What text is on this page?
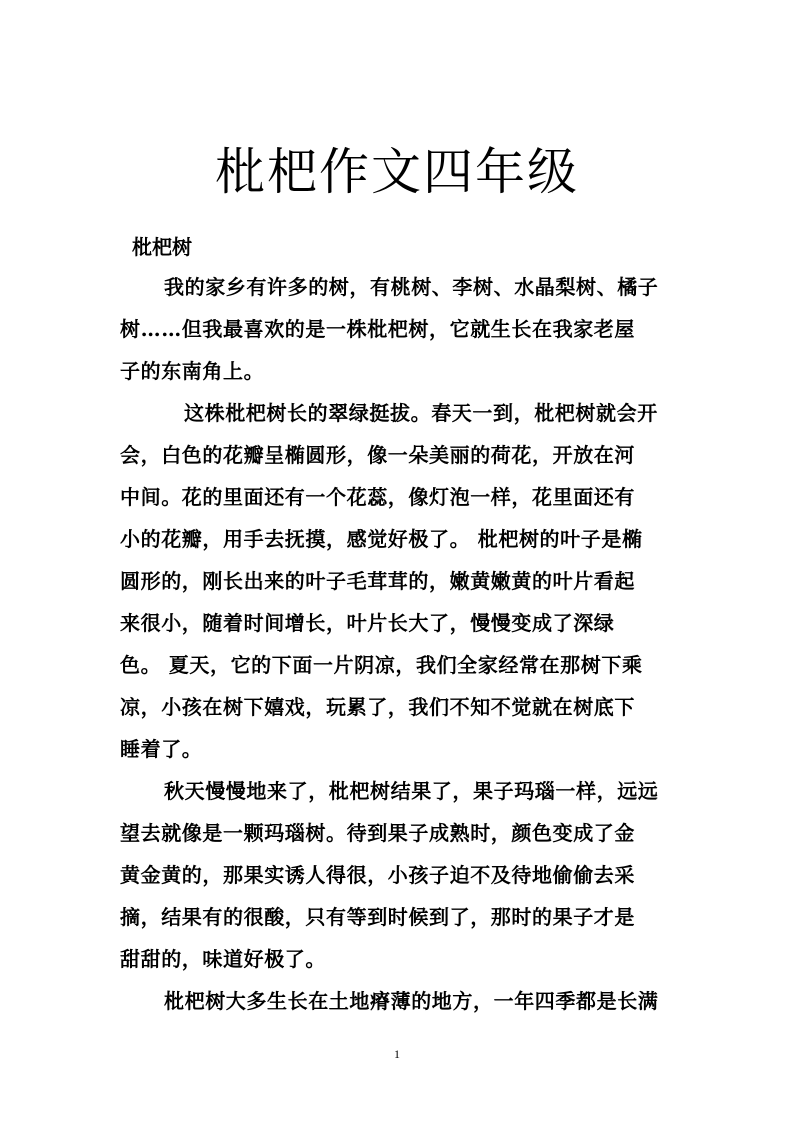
枇杷作文四年级
枇杷树
我的家乡有许多的树，有桃树、李树、水晶梨树、橘子
树……但我最喜欢的是一株枇杷树，它就生长在我家老屋
子的东南角上。
这株枇杷树长的翠绿挺拔。春天一到，枇杷树就会开
会，白色的花瓣呈椭圆形，像一朵美丽的荷花，开放在河
中间。花的里面还有一个花蕊，像灯泡一样，花里面还有
小的花瓣，用手去抚摸，感觉好极了。 枇杷树的叶子是椭
圆形的，刚长出来的叶子毛茸茸的，嫩黄嫩黄的叶片看起
来很小，随着时间增长，叶片长大了，慢慢变成了深绿
色。 夏天，它的下面一片阴凉，我们全家经常在那树下乘
凉，小孩在树下嬉戏，玩累了，我们不知不觉就在树底下
睡着了。
秋天慢慢地来了，枇杷树结果了，果子玛瑙一样，远远
望去就像是一颗玛瑙树。待到果子成熟时，颜色变成了金
黄金黄的，那果实诱人得很，小孩子迫不及待地偷偷去采
摘，结果有的很酸，只有等到时候到了，那时的果子才是
甜甜的，味道好极了。
枇杷树大多生长在土地瘠薄的地方，一年四季都是长满
1
